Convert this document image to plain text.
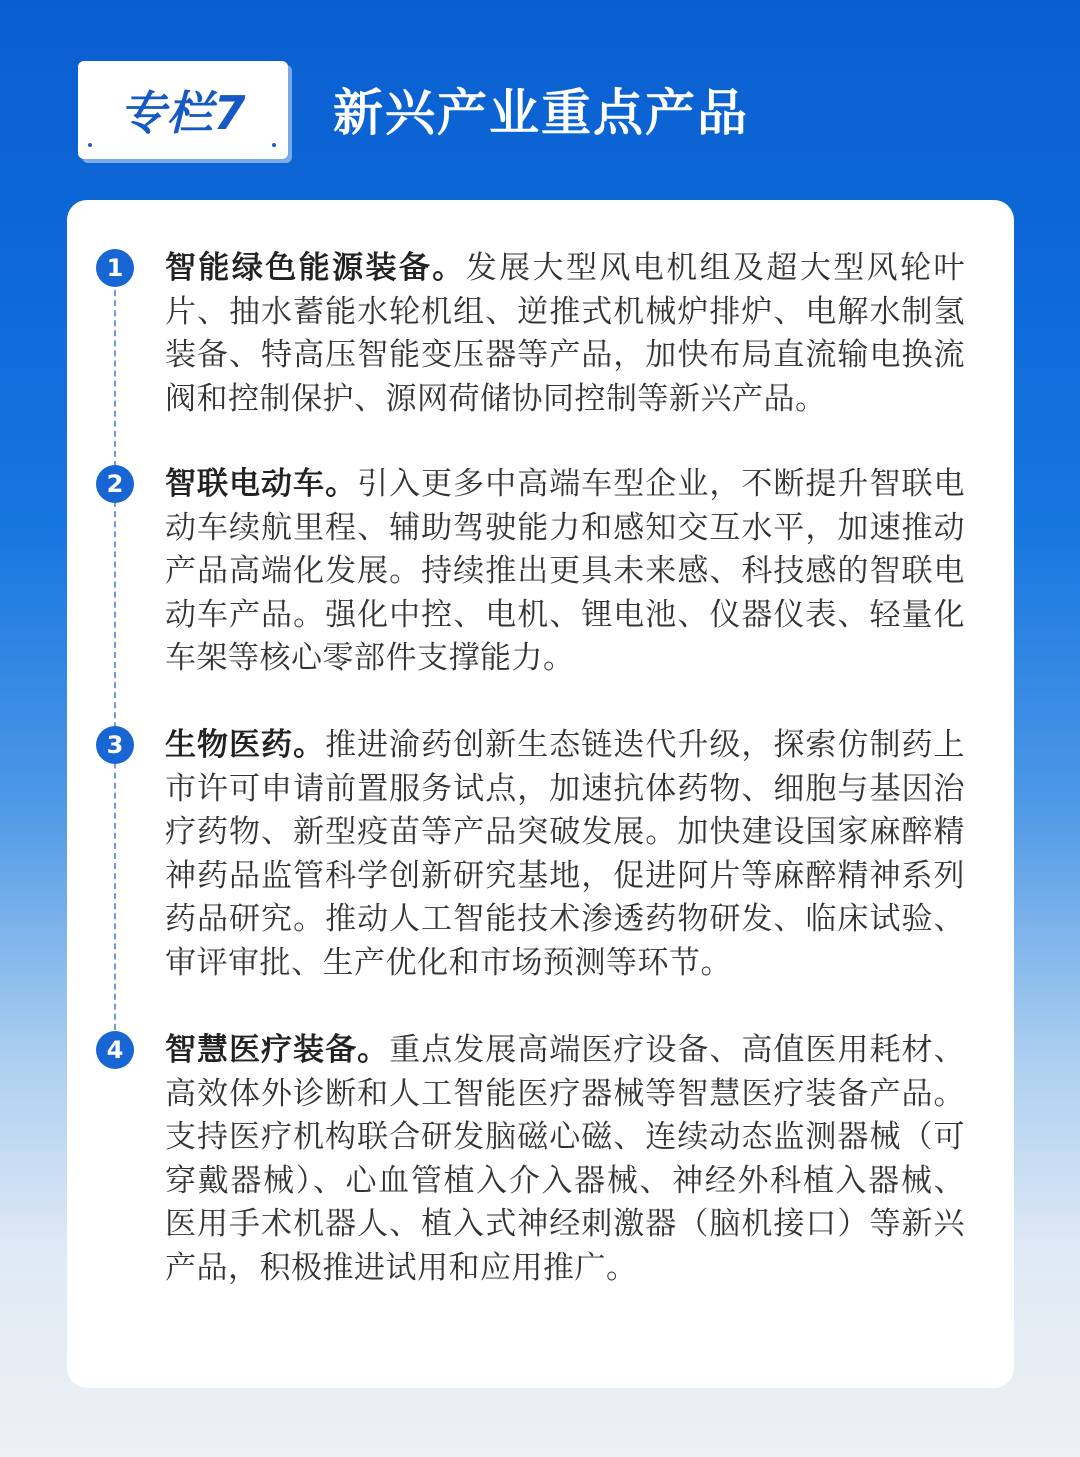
专栏7 新兴产业重点产品
1	智能绿色能源装备。发展大型风电机组及超大型风轮叶片、抽水蓄能水轮机组、逆推式机械炉排炉、电解水制氢装备、特高压智能变压器等产品，加快布局直流输电换流阀和控制保护、源网荷储协同控制等新兴产品。
2	智联电动车。引入更多中高端车型企业，不断提升智联电动车续航里程、辅助驾驶能力和感知交互水平，加速推动产品高端化发展。持续推出更具未来感、科技感的智联电动车产品。强化中控、电机、锂电池、仪器仪表、轻量化车架等核心零部件支撑能力。
3	生物医药。推进渝药创新生态链迭代升级，探索仿制药上市许可申请前置服务试点，加速抗体药物、细胞与基因治疗药物、新型疫苗等产品突破发展。加快建设国家麻醉精神药品监管科学创新研究基地，促进阿片等麻醉精神系列药品研究。推动人工智能技术渗透药物研发、临床试验、审评审批、生产优化和市场预测等环节。
4	智慧医疗装备。重点发展高端医疗设备、高值医用耗材、高效体外诊断和人工智能医疗器械等智慧医疗装备产品。支持医疗机构联合研发脑磁心磁、连续动态监测器械（可穿戴器械）、心血管植入介入器械、神经外科植入器械、医用手术机器人、植入式神经刺激器（脑机接口）等新兴产品，积极推进试用和应用推广。
